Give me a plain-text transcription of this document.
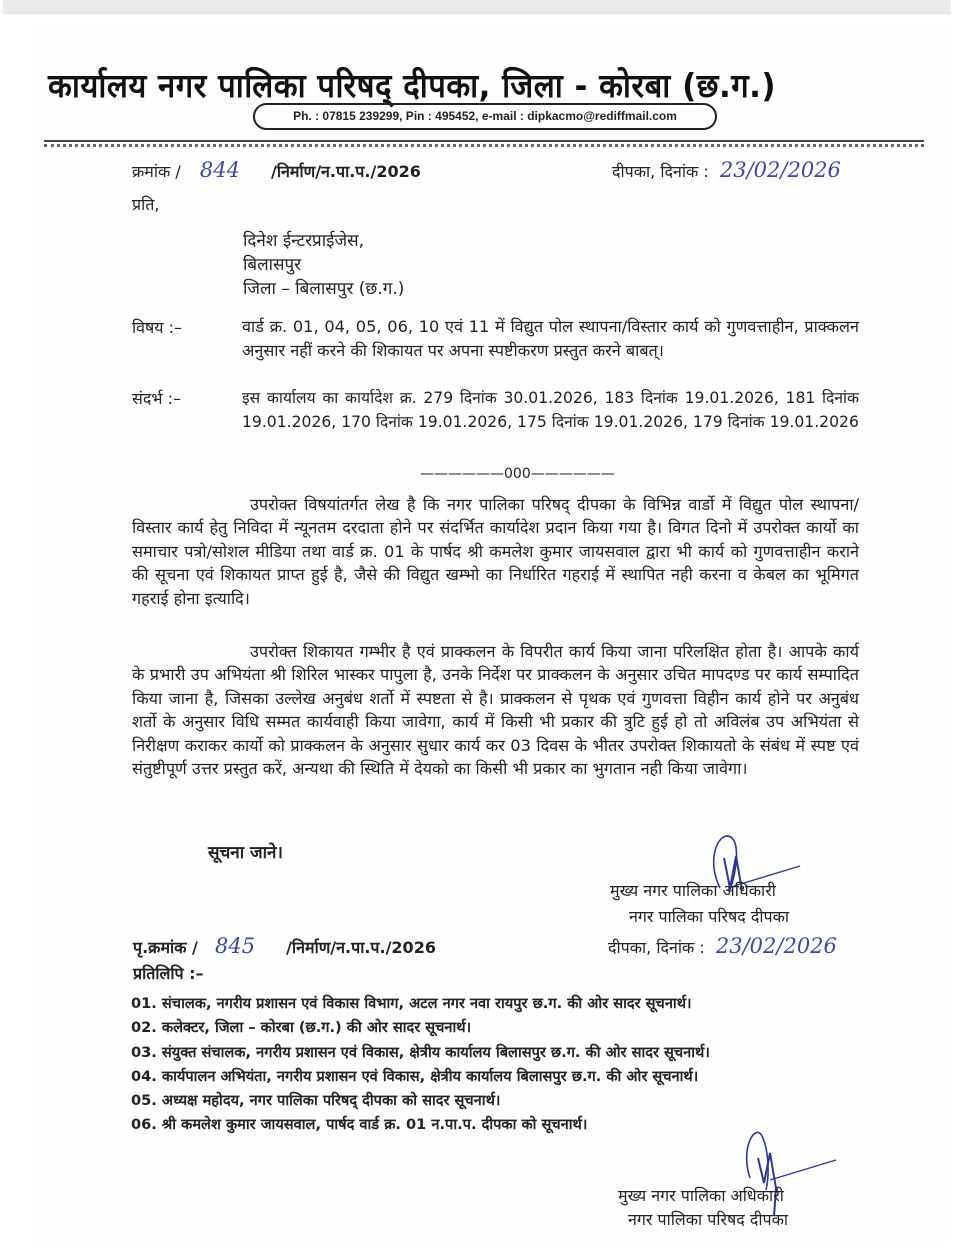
कार्यालय नगर पालिका परिषद् दीपका, जिला - कोरबा (छ.ग.)
Ph. : 07815 239299, Pin : 495452, e-mail : dipkacmo@rediffmail.com
क्रमांक / 844 /निर्माण/न.पा.प./2026	दीपका, दिनांक : 23/02/2026
प्रति,
दिनेश ईन्टरप्राईजेस,
बिलासपुर
जिला – बिलासपुर (छ.ग.)
विषय :–	वार्ड क्र. 01, 04, 05, 06, 10 एवं 11 में विद्युत पोल स्थापना/विस्तार कार्य को गुणवत्ताहीन, प्राक्कलन अनुसार नहीं करने की शिकायत पर अपना स्पष्टीकरण प्रस्तुत करने बाबत्।
संदर्भ :–	इस कार्यालय का कार्यादेश क्र. 279 दिनांक 30.01.2026, 183 दिनांक 19.01.2026, 181 दिनांक 19.01.2026, 170 दिनांक 19.01.2026, 175 दिनांक 19.01.2026, 179 दिनांक 19.01.2026
——————000——————
उपरोक्त विषयांतर्गत लेख है कि नगर पालिका परिषद् दीपका के विभिन्न वार्डो में विद्युत पोल स्थापना/विस्तार कार्य हेतु निविदा में न्यूनतम दरदाता होने पर संदर्भित कार्यादेश प्रदान किया गया है। विगत दिनो में उपरोक्त कार्यो का समाचार पत्रो/सोशल मीडिया तथा वार्ड क्र. 01 के पार्षद श्री कमलेश कुमार जायसवाल द्वारा भी कार्य को गुणवत्ताहीन कराने की सूचना एवं शिकायत प्राप्त हुई है, जैसे की विद्युत खम्भो का निर्धारित गहराई में स्थापित नही करना व केबल का भूमिगत गहराई होना इत्यादि।
उपरोक्त शिकायत गम्भीर है एवं प्राक्कलन के विपरीत कार्य किया जाना परिलक्षित होता है। आपके कार्य के प्रभारी उप अभियंता श्री शिरिल भास्कर पापुला है, उनके निर्देश पर प्राक्कलन के अनुसार उचित मापदण्ड पर कार्य सम्पादित किया जाना है, जिसका उल्लेख अनुबंध शर्तो में स्पष्टता से है। प्राक्कलन से पृथक एवं गुणवत्ता विहीन कार्य होने पर अनुबंध शर्तो के अनुसार विधि सम्मत कार्यवाही किया जावेगा, कार्य में किसी भी प्रकार की त्रुटि हुई हो तो अविलंब उप अभियंता से निरीक्षण कराकर कार्यो को प्राक्कलन के अनुसार सुधार कार्य कर 03 दिवस के भीतर उपरोक्त शिकायतो के संबंध में स्पष्ट एवं संतुष्टीपूर्ण उत्तर प्रस्तुत करें, अन्यथा की स्थिति में देयको का किसी भी प्रकार का भुगतान नही किया जावेगा।
सूचना जाने।
मुख्य नगर पालिका अधिकारी
नगर पालिका परिषद दीपका
पृ.क्रमांक / 845 /निर्माण/न.पा.प./2026	दीपका, दिनांक : 23/02/2026
प्रतिलिपि :–
01. संचालक, नगरीय प्रशासन एवं विकास विभाग, अटल नगर नवा रायपुर छ.ग. की ओर सादर सूचनार्थ।
02. कलेक्टर, जिला – कोरबा (छ.ग.) की ओर सादर सूचनार्थ।
03. संयुक्त संचालक, नगरीय प्रशासन एवं विकास, क्षेत्रीय कार्यालय बिलासपुर छ.ग. की ओर सादर सूचनार्थ।
04. कार्यपालन अभियंता, नगरीय प्रशासन एवं विकास, क्षेत्रीय कार्यालय बिलासपुर छ.ग. की ओर सूचनार्थ।
05. अध्यक्ष महोदय, नगर पालिका परिषद् दीपका को सादर सूचनार्थ।
06. श्री कमलेश कुमार जायसवाल, पार्षद वार्ड क्र. 01 न.पा.प. दीपका को सूचनार्थ।
मुख्य नगर पालिका अधिकारी
नगर पालिका परिषद दीपका
